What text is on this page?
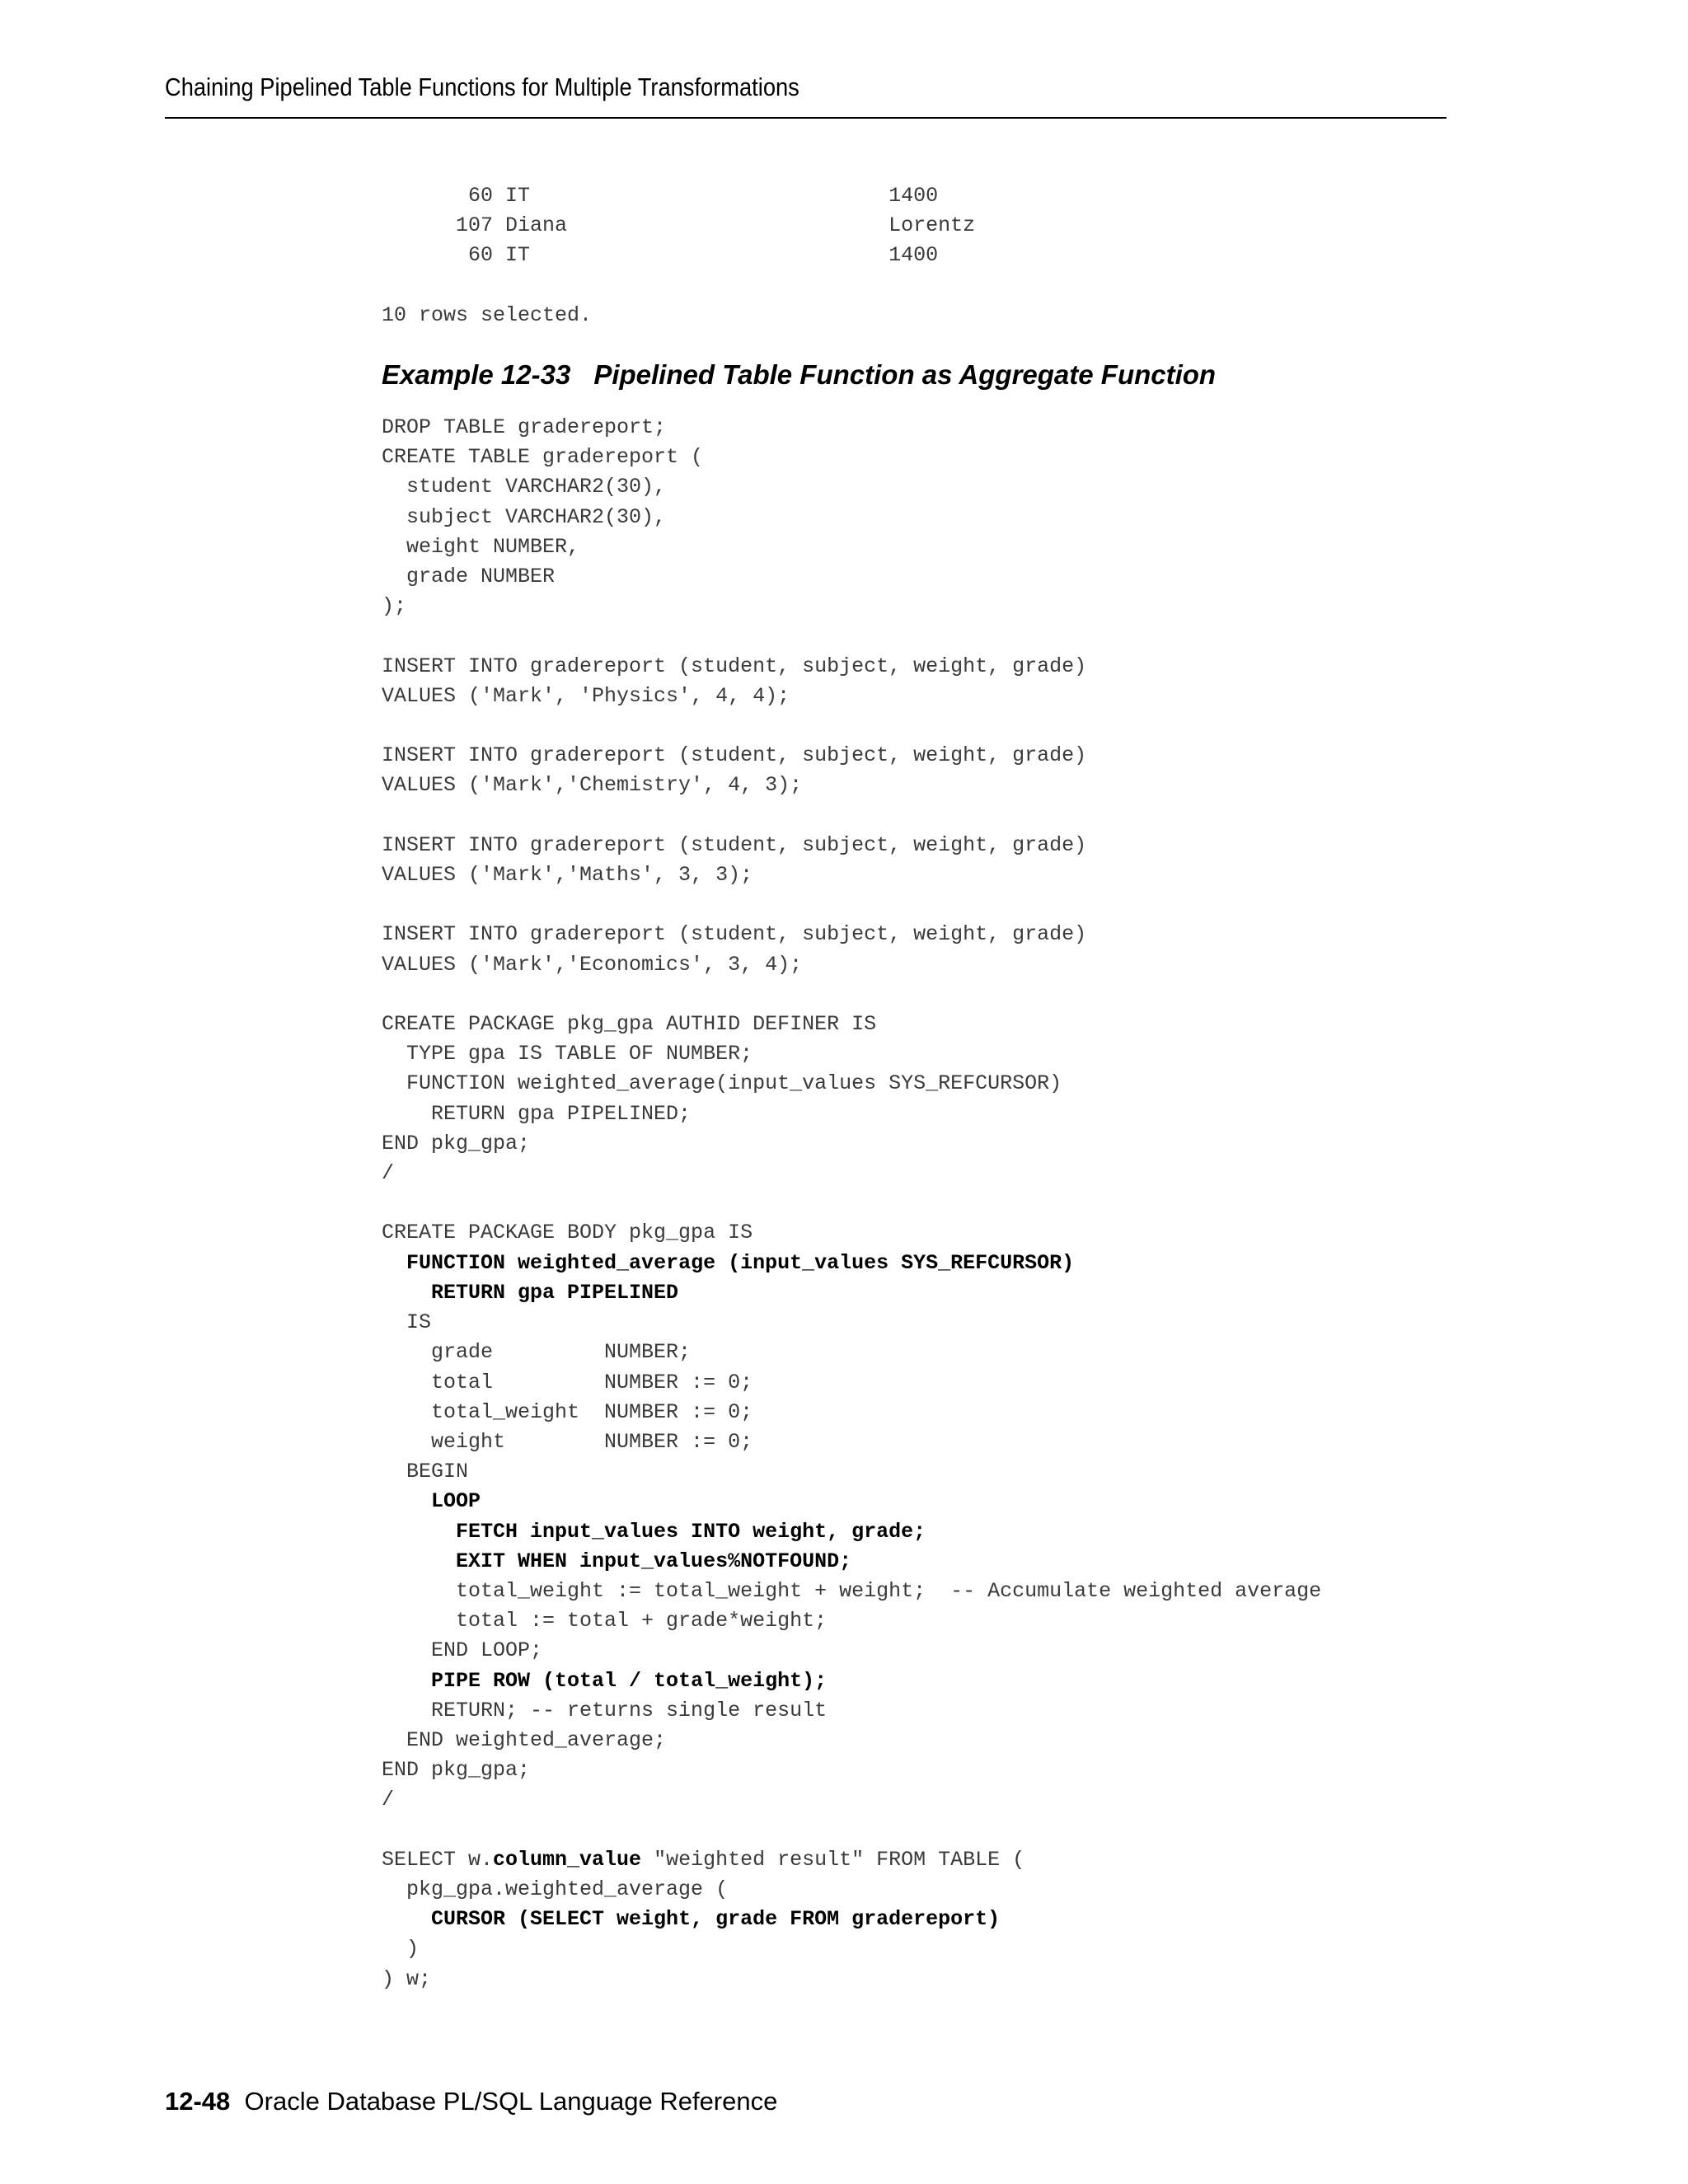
Chaining Pipelined Table Functions for Multiple Transformations
60 IT                             1400
107 Diana                          Lorentz
60 IT                             1400

10 rows selected.
Example 12-33 Pipelined Table Function as Aggregate Function
DROP TABLE gradereport;
CREATE TABLE gradereport (
student VARCHAR2(30),
subject VARCHAR2(30),
weight NUMBER,
grade NUMBER
);

INSERT INTO gradereport (student, subject, weight, grade)
VALUES ('Mark', 'Physics', 4, 4);

INSERT INTO gradereport (student, subject, weight, grade)
VALUES ('Mark','Chemistry', 4, 3);

INSERT INTO gradereport (student, subject, weight, grade)
VALUES ('Mark','Maths', 3, 3);

INSERT INTO gradereport (student, subject, weight, grade)
VALUES ('Mark','Economics', 3, 4);

CREATE PACKAGE pkg_gpa AUTHID DEFINER IS
TYPE gpa IS TABLE OF NUMBER;
FUNCTION weighted_average(input_values SYS_REFCURSOR)
RETURN gpa PIPELINED;
END pkg_gpa;
/

CREATE PACKAGE BODY pkg_gpa IS
FUNCTION weighted_average (input_values SYS_REFCURSOR)
RETURN gpa PIPELINED
IS
grade         NUMBER;
total         NUMBER := 0;
total_weight  NUMBER := 0;
weight        NUMBER := 0;
BEGIN
LOOP
FETCH input_values INTO weight, grade;
EXIT WHEN input_values%NOTFOUND;
total_weight := total_weight + weight;  -- Accumulate weighted average
total := total + grade*weight;
END LOOP;
PIPE ROW (total / total_weight);
RETURN; -- returns single result
END weighted_average;
END pkg_gpa;
/

SELECT w.column_value "weighted result" FROM TABLE (
pkg_gpa.weighted_average (
CURSOR (SELECT weight, grade FROM gradereport)
)
) w;
12-48 Oracle Database PL/SQL Language Reference
